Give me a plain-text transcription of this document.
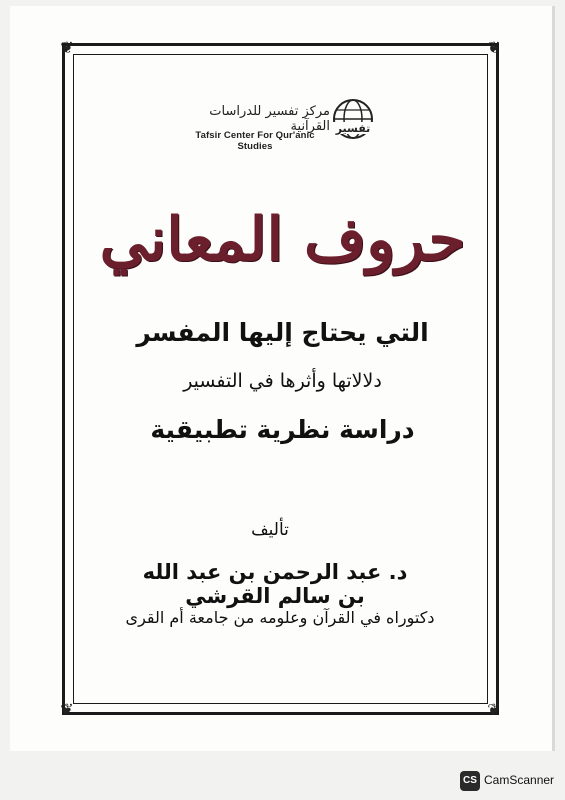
❦	❦
❦	❦
تفسير
مركز تفسير للدراسات القرآنية
Tafsir Center For Qur'anic Studies
حروف المعاني
التي يحتاج إليها المفسر
دلالاتها وأثرها في التفسير
دراسة نظرية تطبيقية
تأليف
د. عبد الرحمن بن عبد الله بن سالم القرشي
دكتوراه في القرآن وعلومه من جامعة أم القرى
CS CamScanner
